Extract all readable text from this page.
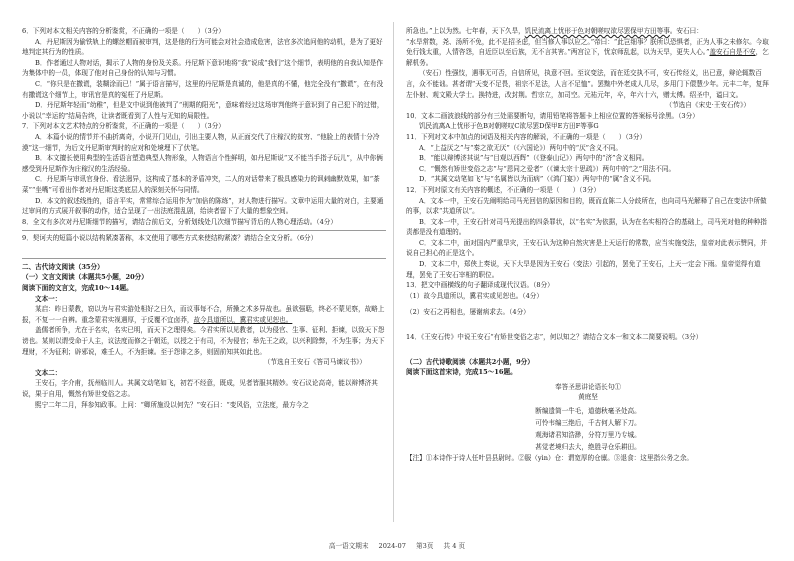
6．下列对本文相关内容的分析鉴赏，不正确的一项是（　　）（3分）

A．丹尼斯因为偷铁轨上的螺丝帽而被审判，这是他的行为可能会对社会造成危害，法官多次追问他的动机，是为了更好地判定其行为的性质。

B．作者通过人物对话，揭示了人物的身份及关系。丹尼斯下意识地将“我”说成“我们”这个细节，表明他的自我认知是作为集体中的一员，体现了他对自己身份的认知与习惯。

C．“你只是在撒谎，装糊涂而已！”属于语言描写，这里的丹尼斯是真诚的，他是真的不懂，他完全没有“撒谎”，在有没有撒谎这个细节上，审讯官是真的冤枉了丹尼斯。

D．丹尼斯年轻而“幼稚”，但是文中说到他被判了“刑期的阳光”，意味着经过这场审判他终于意识到了自己犯下的过错，小说以“幸运的”结局告终，让读者既看到了人性与无知的局限性。

7．下列对本文艺术特点的分析鉴赏，不正确的一项是（　　）（3分）

A．本篇小说的情节并不曲折离奇，小说开门见山，引出主要人物，从正面交代了庄稼汉的贫穷、“他脸上的表情十分冷漠”这一细节，为后文丹尼斯审判时的应对和处境埋下了伏笔。

B．本文擅长使用典型的生活语言塑造典型人物形象，人物语言个性鲜明，如丹尼斯说“又不能当手指子玩儿”，从中你俩感受到丹尼斯作为庄稼汉的生活经验。

C．丹尼斯与审讯官身份、看法迥异，这构成了基本的矛盾冲突，二人的对话带来了极具感染力的讽刺幽默效果，如“茶菜”“坐嘴”可看出作者对丹尼斯这类底层人的深刻关怀与同情。

D．本文的叙述线性的，语言平实，常常综合运用作为“加倍的陈练”，对人物进行描写。文章中运用大量的对白，主要通过审问的方式展开叙事的动作，适合呈现了一出法庭混乱剧，给读者留下了大量的想象空间。

8．全文有多次对丹尼斯细节的描写，请结合前后文，分析划线处几次细节描写背后的人物心理活动。（4分）

9．契诃夫的短篇小说以结构紧凑著称，本文使用了哪些方式来使结构紧凑？请结合全文分析。（6分）

二、古代诗文阅读（35分）

（一）文言文阅读（本题共5小题，20分）

阅读下面的文言文，完成10～14题。

文本一：

某启：昨日蒙教，窃以为与君实游处相好之日久，而议事每不合，所操之术多异故也。虽欲强聒，终必不蒙见察，故略上报，不复一一自辨。重念蒙君实视遇厚，于反覆不宜卤莽，故今具道所以，冀君实或见恕也。

盖儒者所争，尤在于名实，名实已明，而天下之理得矣。今君实所以见教者，以为侵官、生事、征利、拒谏，以致天下怨谤也。某则以谓受命于人主，议法度而修之于朝廷，以授之于有司，不为侵官；举先王之政，以兴利除弊，不为生事；为天下理财，不为征利；辟邪说，难壬人，不为拒谏。至于怨诽之多，则固前知其如此也。

（节选自王安石《答司马谏议书》）

文本二：

王安石，字介甫，抚州临川人。其属文动笔如飞，初若不经意，既成，见者皆服其精妙。安石议论高奇，能以辩博济其说，果于自用，慨然有矫世变俗之志。

熙宁二年二月，拜参知政事。上问：“卿所施设以何先？”安石曰：“变风俗，立法度，最方今之

所急也。”上以为然。七年春，天下久旱，饥民流离上忧形于色对朝嗟叹欲尽罢保甲方田等事。安石曰：

“水旱常数，尧、汤所不免，此不足招圣虑，但当修人事以应之。”帝曰：“此岂细事？朕所以恐惧者，正为人事之未修尔。今取免行钱太重，人情咨怨，自近臣以至后族，无不言其害。”两宫泣下，忧京师乱起，以为天旱，更失人心。”盖安石自是不安，乞解机务。

（安石）性强忮，遇事无可否，自信所见，执意不回。至议变法，而在廷交执不可，安石传经义，出已意，辩论辄数百言，众不能诎。甚者谓“天变不足畏，祖宗不足法，人言不足恤”。罢黜中外老成人几尽，多用门下儇慧少年。元丰二年，复拜左仆射、观文殿大学士。换特进，改封荆。哲宗立，加司空。元祐元年，卒，年六十六，赠太傅。绍圣中，谥曰文。

（节选自《宋史·王安石传》）

10．文本二画波浪线的部分有三处需要断句，请用铅笔将答题卡上相应位置的答案标号涂黑。（3分）

饥民流离A上忧形于色B对朝嗟叹C欲尽罢D保甲E方田F等事G

11．下列对文本中加点的词语及相关内容的解说，不正确的一项是（　　）（3分）

A．“上益厌之”与“秦之欲无厌”（《六国论》）两句中的“厌”含义不同。

B．“能以辩博济其说”与“目观以西辉”（《登泰山记》）两句中的“济”含义相同。

C．“慨然有矫世变俗之志”与“恩同之爱者”（《谏太宗十思疏》）两句中的“之”用法不同。

D．“其属文动笔如飞”与“名属皆以为而病”（《鸿门宴》）两句中的“属”含义不同。

12．下列对原文有关内容的概述，不正确的一项是（　　）（3分）

A．文本一中，王安石先阐明给司马光回信的原因和目的，既而直陈二人分歧所在，也向司马光解释了自己在变法中所做的事，以求“共道所以”。

B．文本一中，王安石针对司马光提出的四条罪状，以“名实”为依据，认为在名实相符合的基础上，司马光对他的种种指责都是没有道理的。

C．文本二中，面对国内严重旱灾，王安石认为这种自然灾害是上天运行的常数，应当实施变法，皇帝对此表示赞同，并说自己担心的正是这个。

D．文本二中，郑侠上奏说，天下大旱是因为王安石（变法）引起的，罢免了王安石，上天一定会下雨。皇帝觉得有道理，罢免了王安石宰相的职位。

13．把文中画横线的句子翻译成现代汉语。（8分）

（1）故今具道所以，冀君实或见恕也。（4分）

（2）安石之再相也，屡谢病求去。（4分）

14．《王安石传》中说王安石“有矫世变俗之志”，何以知之？请结合文本一和文本二简要说明。（3分）

（二）古代诗歌阅读（本题共2小题，9分）

阅读下面这首宋诗，完成15～16题。

奉答圣思讲论语长句①

黄庭坚

断编遗简一牛毛，道德秋毫圣处高。

可怜韦编三绝后，千古何人解下刀。

观海诸君知浩渺，分符万里乃专城。

甚觉老境归去大，绝胜寻仓乐耕田。

【注】①本诗作于诗人任叶县县尉时。②服（yìn）仓：谓宽厚的仓廪。③退食：这里指公务之余。

高一语文期末 2024-07 第3页 共 4 页
